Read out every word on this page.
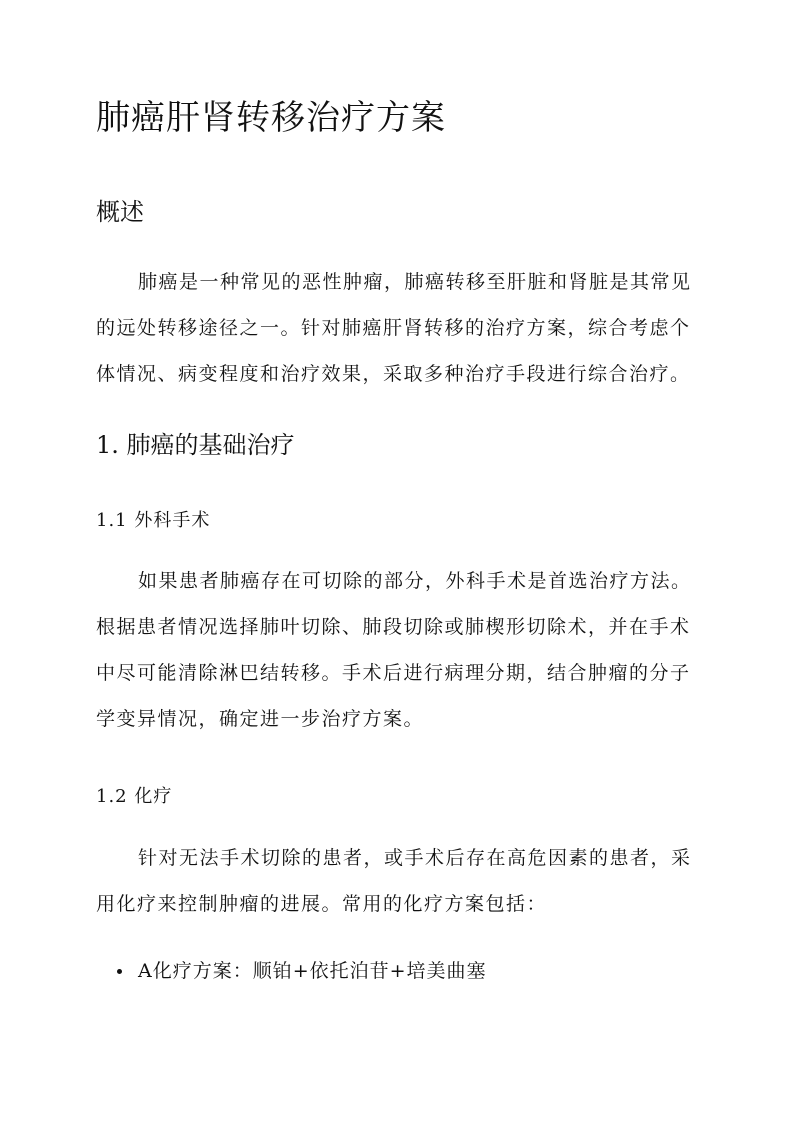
肺癌肝肾转移治疗方案
概述

肺癌是一种常见的恶性肿瘤，肺癌转移至肝脏和肾脏是其常见
的远处转移途径之一。针对肺癌肝肾转移的治疗方案，综合考虑个
体情况、病变程度和治疗效果，采取多种治疗手段进行综合治疗。

1. 肺癌的基础治疗
1.1 外科手术

如果患者肺癌存在可切除的部分，外科手术是首选治疗方法。
根据患者情况选择肺叶切除、肺段切除或肺楔形切除术，并在手术
中尽可能清除淋巴结转移。手术后进行病理分期，结合肿瘤的分子
学变异情况，确定进一步治疗方案。

1.2 化疗

针对无法手术切除的患者，或手术后存在高危因素的患者，采
用化疗来控制肿瘤的进展。常用的化疗方案包括：

A化疗方案：顺铂+依托泊苷+培美曲塞
